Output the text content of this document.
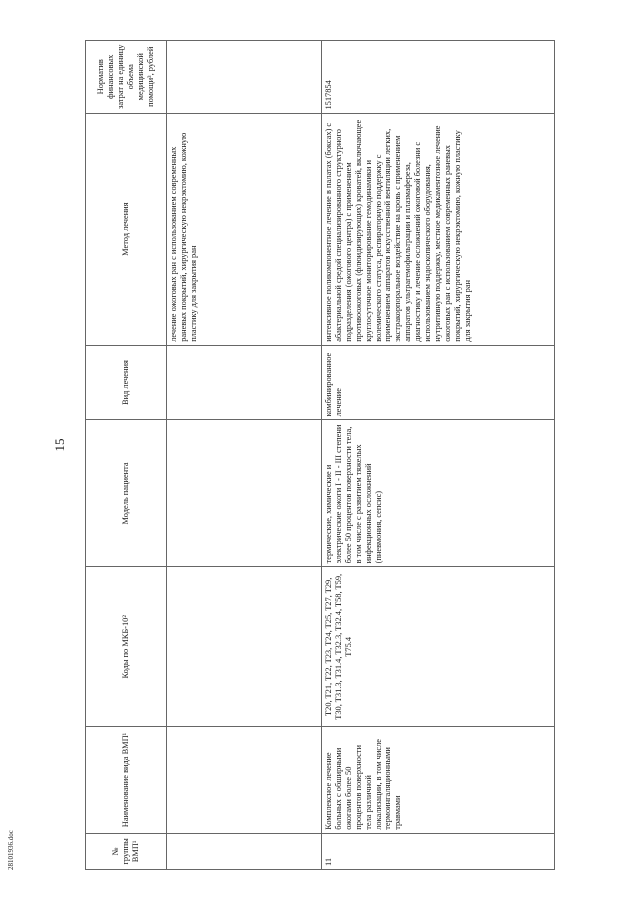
15
№ группы ВМП¹	Наименование вида ВМП¹	Коды по МКБ-10²	Модель пациента	Вид лечения	Метод лечения	Норматив финансовых затрат на единицу объема медицинской помощи³, рублей
					лечение ожоговых ран с использованием современных раневых покрытий, хирургическую некрэктомию, кожную пластику для закрытия ран	
11	Комплексное лечение больных с обширными ожогами более 50 процентов поверхности тела различной локализации, в том числе термоингаляционными травмами	T20, T21, T22, T23, T24, T25, T27, T29, T30, T31.3, T31.4, T32.3, T32.4, T58, T59, T75.4	термические, химические и электрические ожоги I - II - III степени более 50 процентов поверхности тела, в том числе с развитием тяжелых инфекционных осложнений (пневмония, сепсис)	комбинированное лечение	интенсивное поликомпонентное лечение в палатах (боксах) с абактериальной средой специализированного структурного подразделения (ожогового центра) с применением противоожоговых (флюидизирующих) кроватей, включающее круглосуточное мониторирование гемодинамики и волемического статуса, респираторную поддержку с применением аппаратов искусственной вентиляции легких, экстракорпоральное воздействие на кровь с применением аппаратов ультрагемофильтрации и плазмафереза, диагностику и лечение осложнений ожоговой болезни с использованием эндоскопического оборудования, нутритивную поддержку, местное медикаментозное лечение ожоговых ран с использованием современных раневых покрытий, хирургическую некрэктомию, кожную пластику для закрытия ран	1517854
28101936.doc
